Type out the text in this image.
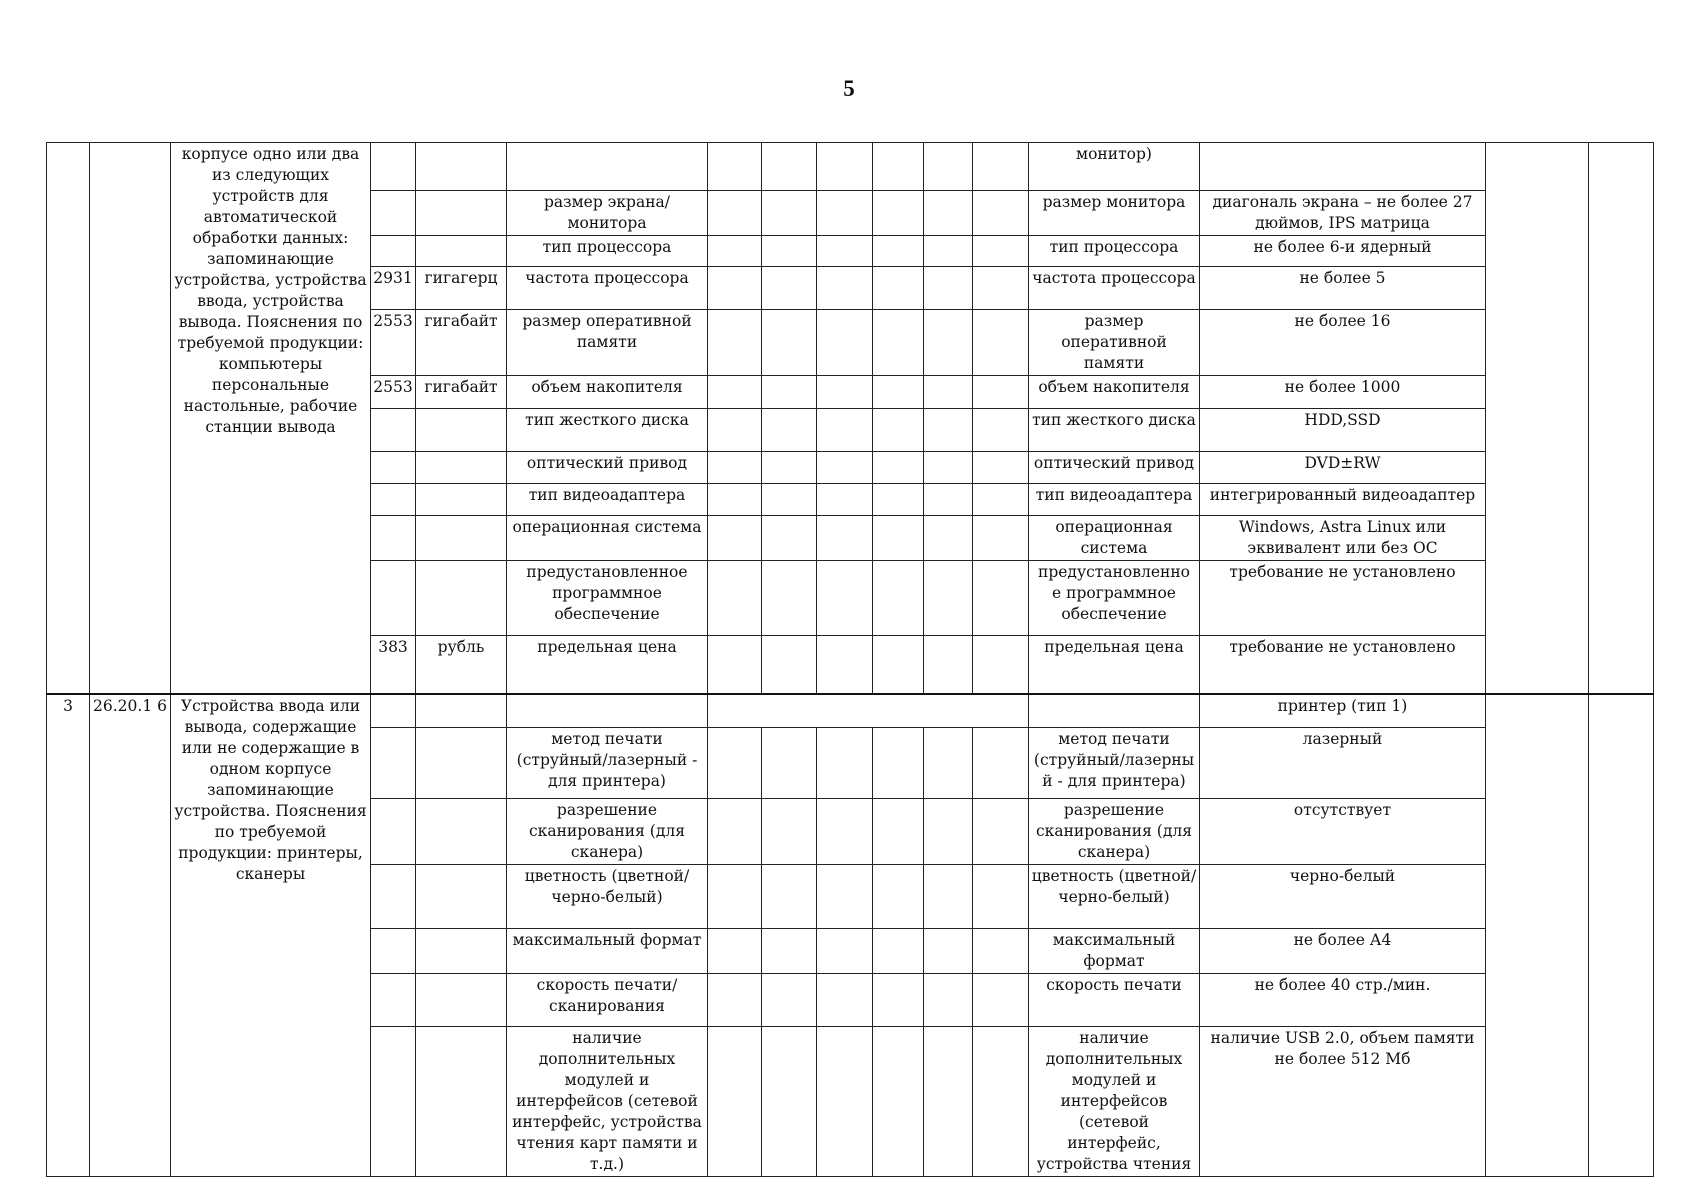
5
		корпусе одно или два из следующих устройств для автоматической обработки данных: запоминающие устройства, устройства ввода, устройства вывода. Пояснения по требуемой продукции: компьютеры персональные настольные, рабочие станции вывода										монитор)			
					размер экрана/монитора							размер монитора	диагональ экрана – не более 27 дюймов, IPS матрица		
					тип процессора							тип процессора	не более 6-и ядерный		
			2931	гигагерц	частота процессора							частота процессора	не более 5		
			2553	гигабайт	размер оперативной памяти							размер оперативной памяти	не более 16		
			2553	гигабайт	объем накопителя							объем накопителя	не более 1000		
					тип жесткого диска							тип жесткого диска	HDD,SSD		
					оптический привод							оптический привод	DVD±RW		
					тип видеоадаптера							тип видеоадаптера	интегрированный видеоадаптер		
					операционная система							операционная система	Windows, Astra Linux или эквивалент или без ОС		
					предустановленное программное обеспечение							предустановленно е программное обеспечение	требование не установлено		
			383	рубль	предельная цена							предельная цена	требование не установлено		
3	26.20.1 6	Устройства ввода или вывода, содержащие или не содержащие в одном корпусе запоминающие устройства. Пояснения по требуемой продукции: принтеры, сканеры											принтер (тип 1)		
					метод печати (струйный/лазерный - для принтера)							метод печати (струйный/лазерны й - для принтера)	лазерный		
					разрешение сканирования (для сканера)							разрешение сканирования (для сканера)	отсутствует		
					цветность (цветной/черно-белый)							цветность (цветной/черно-белый)	черно-белый		
					максимальный формат							максимальный формат	не более А4		
					скорость печати/сканирования							скорость печати	не более 40 стр./мин.		
					наличие дополнительных модулей и интерфейсов (сетевой интерфейс, устройства чтения карт памяти и т.д.)							наличие дополнительных модулей и интерфейсов (сетевой интерфейс, устройства чтения	наличие USB 2.0, объем памяти не более 512 Мб		
